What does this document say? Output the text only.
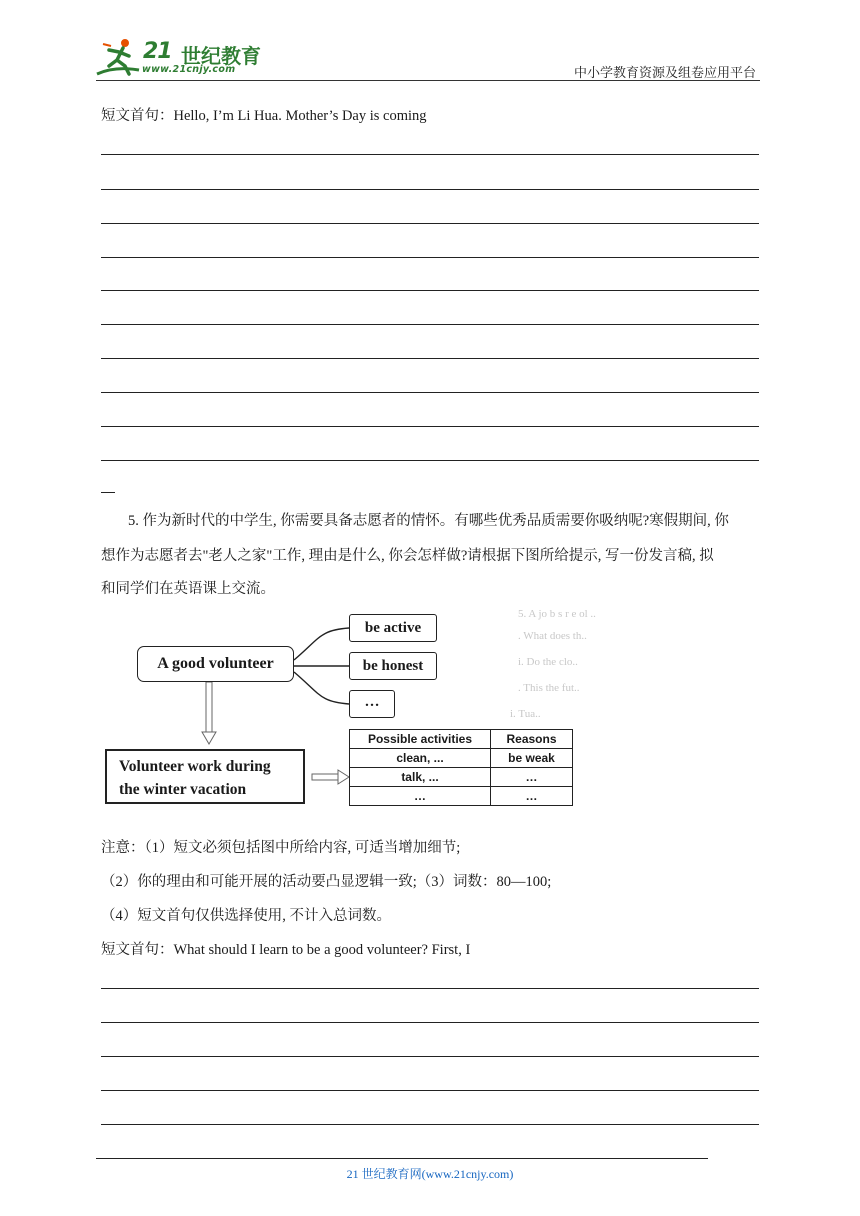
21 世纪教育
www.21cnjy.com	中小学教育资源及组卷应用平台
短文首句：Hello, I’m Li Hua. Mother’s Day is coming
5. 作为新时代的中学生, 你需要具备志愿者的情怀。有哪些优秀品质需要你吸纳呢?寒假期间, 你
想作为志愿者去"老人之家"工作, 理由是什么, 你会怎样做?请根据下图所给提示, 写一份发言稿, 拟
和同学们在英语课上交流。
5. A jo b s r e ol ..
. What does th..
i. Do the clo..
. This the fut..
i. Tua..
A good volunteer
be active
be honest
…
Volunteer work during
the winter vacation
Possible activities	Reasons
clean, ...	be weak
talk, ...	…
…	…
注意：（1）短文必须包括图中所给内容, 可适当增加细节;
（2）你的理由和可能开展的活动要凸显逻辑一致;（3）词数：80—100;
（4）短文首句仅供选择使用, 不计入总词数。
短文首句：What should I learn to be a good volunteer? First, I
21 世纪教育网(www.21cnjy.com)
